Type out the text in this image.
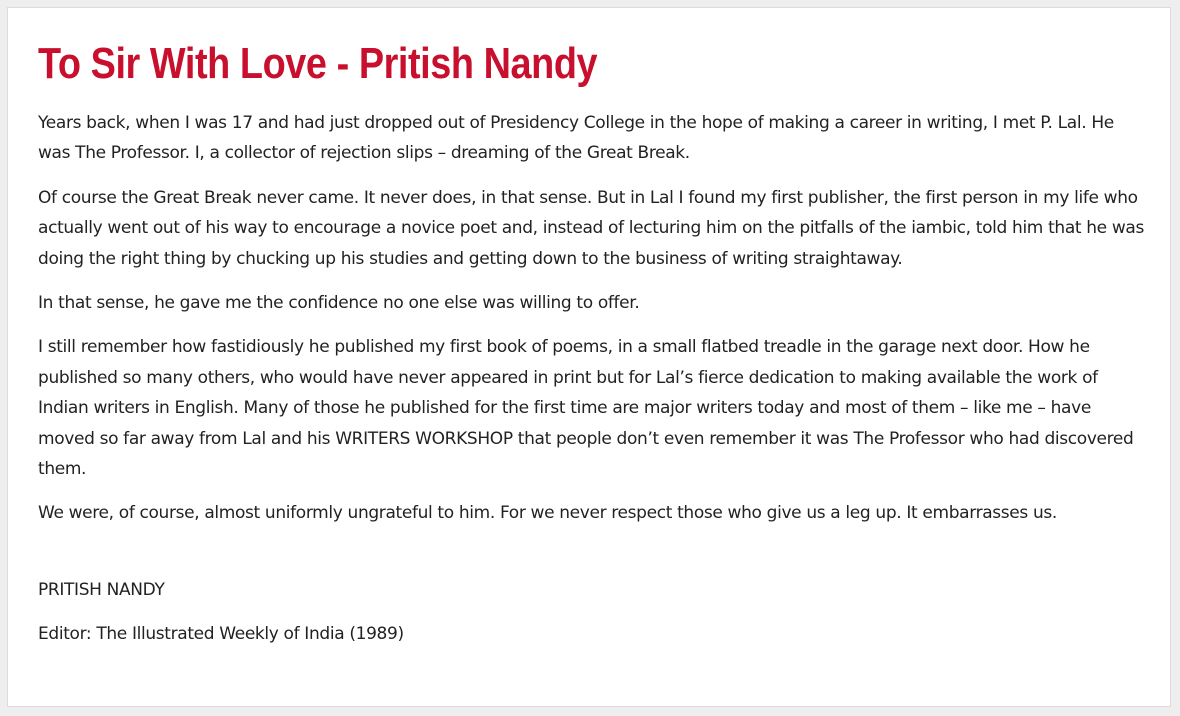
To Sir With Love - Pritish Nandy

Years back, when I was 17 and had just dropped out of Presidency College in the hope of making a career in writing, I met P. Lal. He was The Professor. I, a collector of rejection slips – dreaming of the Great Break.

Of course the Great Break never came. It never does, in that sense. But in Lal I found my first publisher, the first person in my life who actually went out of his way to encourage a novice poet and, instead of lecturing him on the pitfalls of the iambic, told him that he was doing the right thing by chucking up his studies and getting down to the business of writing straightaway.

In that sense, he gave me the confidence no one else was willing to offer.

I still remember how fastidiously he published my first book of poems, in a small flatbed treadle in the garage next door. How he published so many others, who would have never appeared in print but for Lal’s fierce dedication to making available the work of Indian writers in English. Many of those he published for the first time are major writers today and most of them – like me – have moved so far away from Lal and his WRITERS WORKSHOP that people don’t even remember it was The Professor who had discovered them.

We were, of course, almost uniformly ungrateful to him. For we never respect those who give us a leg up. It embarrasses us.

PRITISH NANDY

Editor: The Illustrated Weekly of India (1989)
